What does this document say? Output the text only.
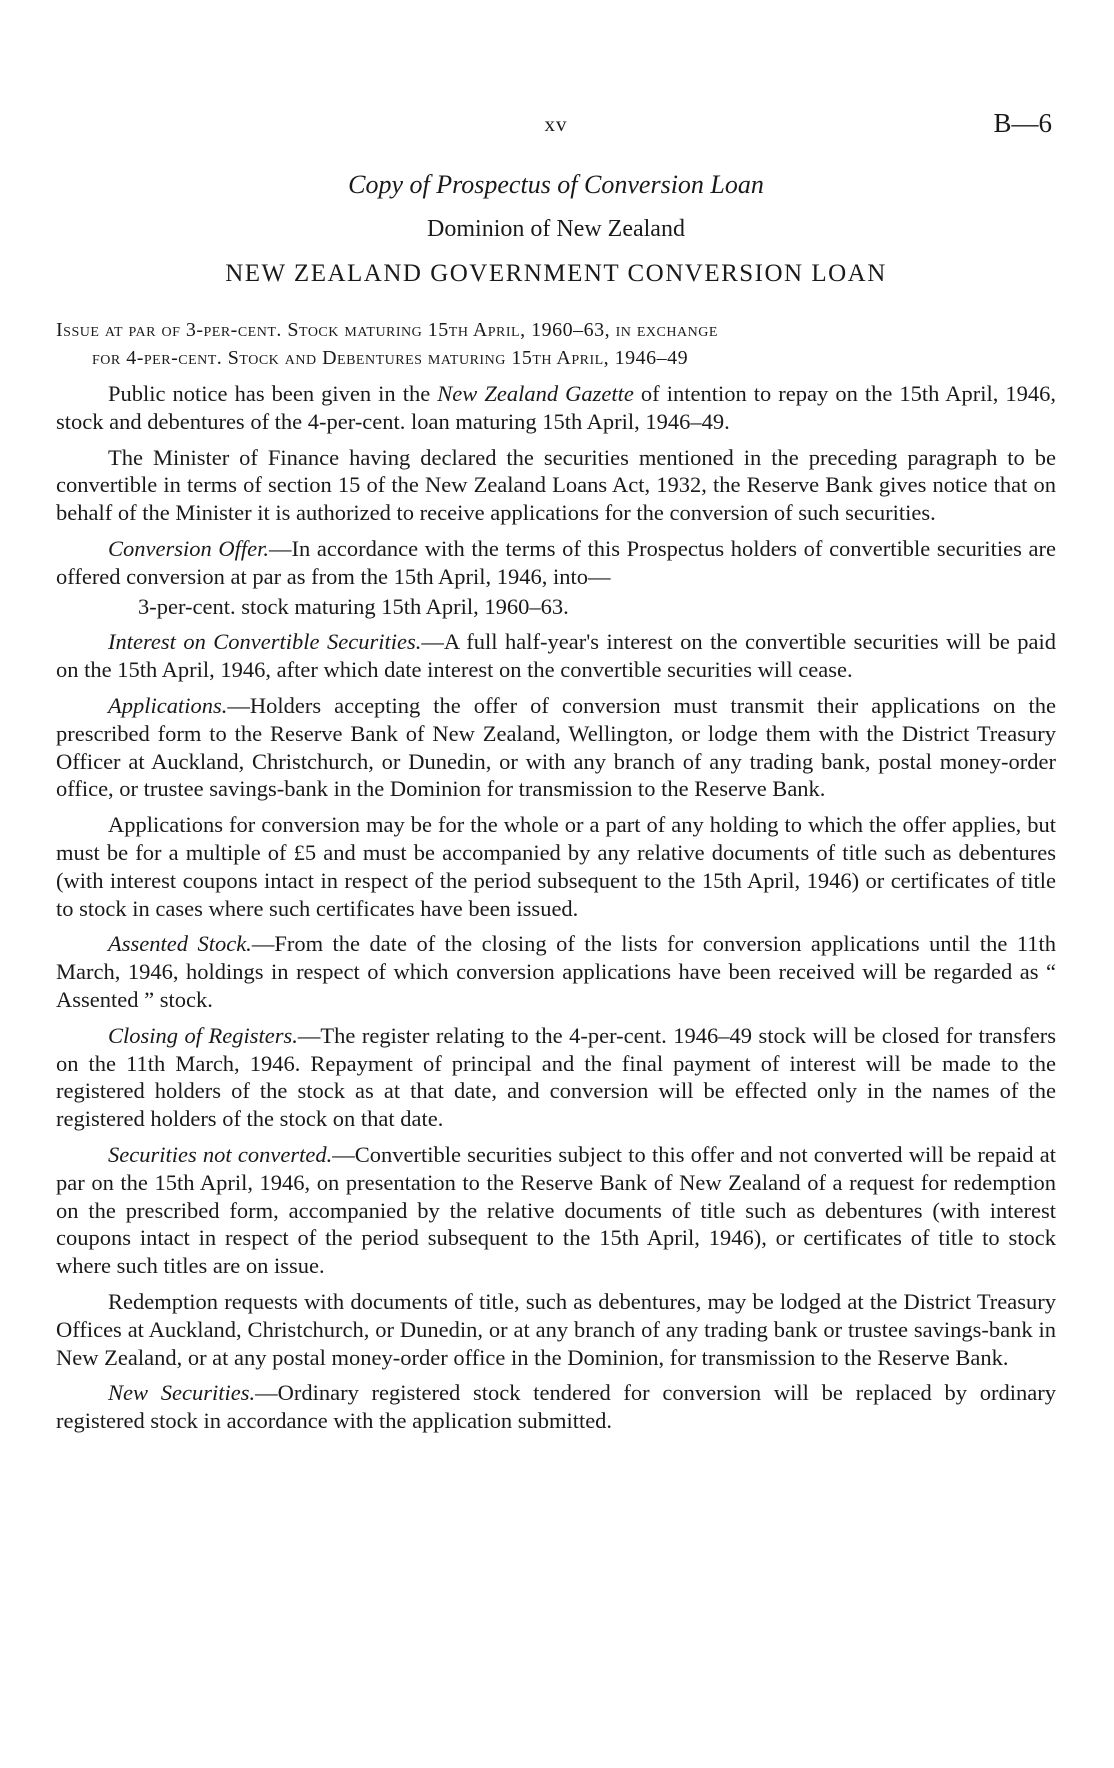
xv	B—6
Copy of Prospectus of Conversion Loan
Dominion of New Zealand
NEW ZEALAND GOVERNMENT CONVERSION LOAN
Issue at par of 3-per-cent. Stock maturing 15th April, 1960–63, in exchange
for 4-per-cent. Stock and Debentures maturing 15th April, 1946–49

Public notice has been given in the New Zealand Gazette of intention to repay on the 15th April, 1946, stock and debentures of the 4-per-cent. loan maturing 15th April, 1946–49.

The Minister of Finance having declared the securities mentioned in the preceding paragraph to be convertible in terms of section 15 of the New Zealand Loans Act, 1932, the Reserve Bank gives notice that on behalf of the Minister it is authorized to receive applications for the conversion of such securities.

Conversion Offer.—In accordance with the terms of this Prospectus holders of convertible securities are offered conversion at par as from the 15th April, 1946, into—

3-per-cent. stock maturing 15th April, 1960–63.

Interest on Convertible Securities.—A full half-year's interest on the convertible securities will be paid on the 15th April, 1946, after which date interest on the convertible securities will cease.

Applications.—Holders accepting the offer of conversion must transmit their applications on the prescribed form to the Reserve Bank of New Zealand, Wellington, or lodge them with the District Treasury Officer at Auckland, Christchurch, or Dunedin, or with any branch of any trading bank, postal money-order office, or trustee savings-bank in the Dominion for transmission to the Reserve Bank.

Applications for conversion may be for the whole or a part of any holding to which the offer applies, but must be for a multiple of £5 and must be accompanied by any relative documents of title such as debentures (with interest coupons intact in respect of the period subsequent to the 15th April, 1946) or certificates of title to stock in cases where such certificates have been issued.

Assented Stock.—From the date of the closing of the lists for conversion applications until the 11th March, 1946, holdings in respect of which conversion applications have been received will be regarded as “ Assented ” stock.

Closing of Registers.—The register relating to the 4-per-cent. 1946–49 stock will be closed for transfers on the 11th March, 1946. Repayment of principal and the final payment of interest will be made to the registered holders of the stock as at that date, and conversion will be effected only in the names of the registered holders of the stock on that date.

Securities not converted.—Convertible securities subject to this offer and not converted will be repaid at par on the 15th April, 1946, on presentation to the Reserve Bank of New Zealand of a request for redemption on the prescribed form, accompanied by the relative documents of title such as debentures (with interest coupons intact in respect of the period subsequent to the 15th April, 1946), or certificates of title to stock where such titles are on issue.

Redemption requests with documents of title, such as debentures, may be lodged at the District Treasury Offices at Auckland, Christchurch, or Dunedin, or at any branch of any trading bank or trustee savings-bank in New Zealand, or at any postal money-order office in the Dominion, for transmission to the Reserve Bank.

New Securities.—Ordinary registered stock tendered for conversion will be replaced by ordinary registered stock in accordance with the application submitted.
